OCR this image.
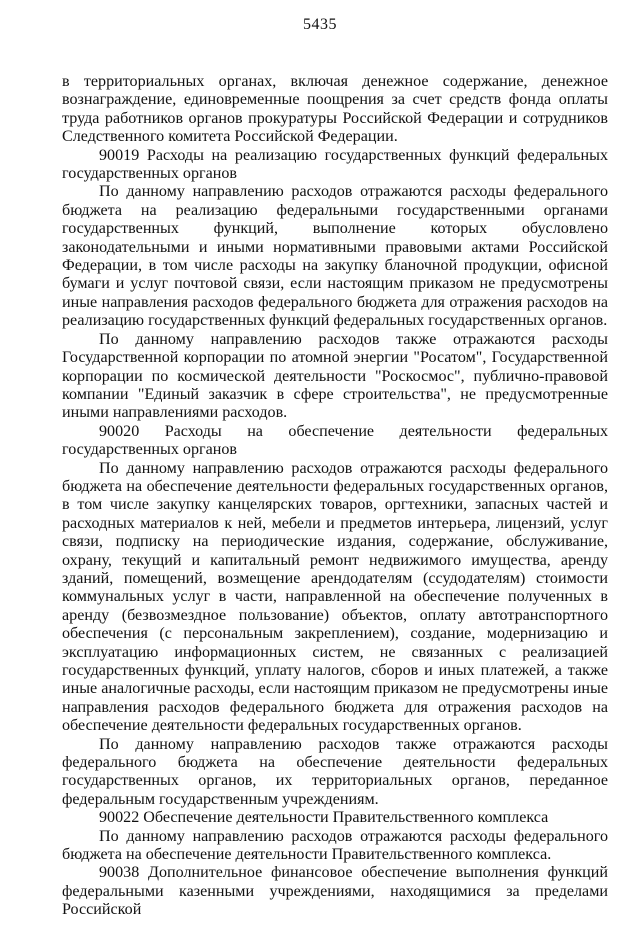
5435

в территориальных органах, включая денежное содержание, денежное вознаграждение, единовременные поощрения за счет средств фонда оплаты труда работников органов прокуратуры Российской Федерации и сотрудников Следственного комитета Российской Федерации.

90019 Расходы на реализацию государственных функций федеральных государственных органов

По данному направлению расходов отражаются расходы федерального бюджета на реализацию федеральными государственными органами государственных функций, выполнение которых обусловлено законодательными и иными нормативными правовыми актами Российской Федерации, в том числе расходы на закупку бланочной продукции, офисной бумаги и услуг почтовой связи, если настоящим приказом не предусмотрены иные направления расходов федерального бюджета для отражения расходов на реализацию государственных функций федеральных государственных органов.

По данному направлению расходов также отражаются расходы Государственной корпорации по атомной энергии "Росатом", Государственной корпорации по космической деятельности "Роскосмос", публично-правовой компании "Единый заказчик в сфере строительства", не предусмотренные иными направлениями расходов.

90020 Расходы на обеспечение деятельности федеральных государственных органов

По данному направлению расходов отражаются расходы федерального бюджета на обеспечение деятельности федеральных государственных органов, в том числе закупку канцелярских товаров, оргтехники, запасных частей и расходных материалов к ней, мебели и предметов интерьера, лицензий, услуг связи, подписку на периодические издания, содержание, обслуживание, охрану, текущий и капитальный ремонт недвижимого имущества, аренду зданий, помещений, возмещение арендодателям (ссудодателям) стоимости коммунальных услуг в части, направленной на обеспечение полученных в аренду (безвозмездное пользование) объектов, оплату автотранспортного обеспечения (с персональным закреплением), создание, модернизацию и эксплуатацию информационных систем, не связанных с реализацией государственных функций, уплату налогов, сборов и иных платежей, а также иные аналогичные расходы, если настоящим приказом не предусмотрены иные направления расходов федерального бюджета для отражения расходов на обеспечение деятельности федеральных государственных органов.

По данному направлению расходов также отражаются расходы федерального бюджета на обеспечение деятельности федеральных государственных органов, их территориальных органов, переданное федеральным государственным учреждениям.

90022 Обеспечение деятельности Правительственного комплекса

По данному направлению расходов отражаются расходы федерального бюджета на обеспечение деятельности Правительственного комплекса.

90038 Дополнительное финансовое обеспечение выполнения функций федеральными казенными учреждениями, находящимися за пределами Российской
